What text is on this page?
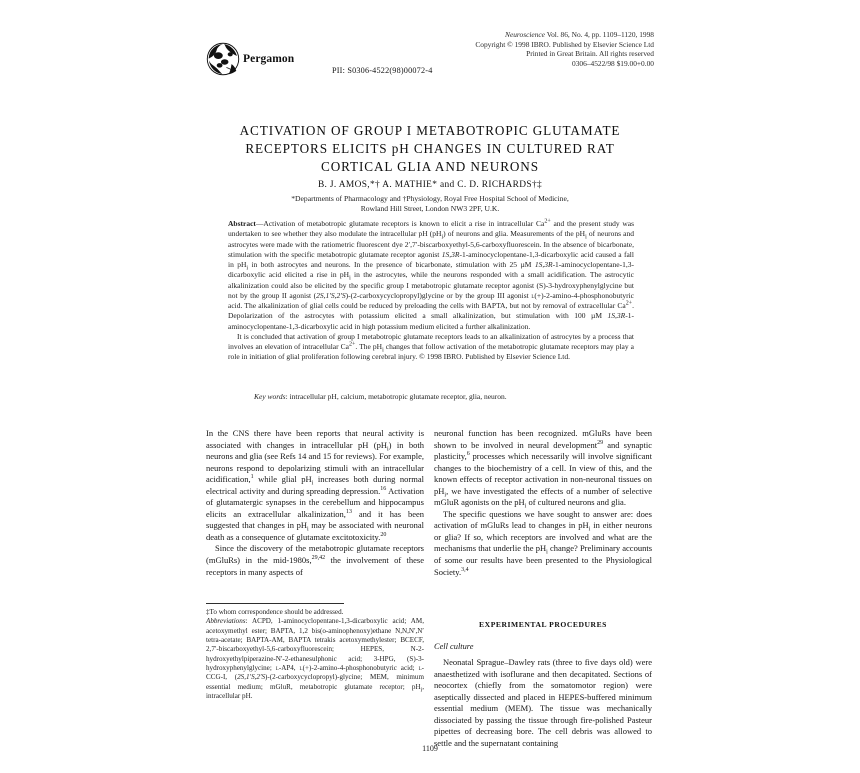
Pergamon
Neuroscience Vol. 86, No. 4, pp. 1109–1120, 1998
Copyright © 1998 IBRO. Published by Elsevier Science Ltd
Printed in Great Britain. All rights reserved
0306–4522/98 $19.00+0.00
PII: S0306-4522(98)00072-4
ACTIVATION OF GROUP I METABOTROPIC GLUTAMATE
RECEPTORS ELICITS pH CHANGES IN CULTURED RAT
CORTICAL GLIA AND NEURONS
B. J. AMOS,*† A. MATHIE* and C. D. RICHARDS†‡
*Departments of Pharmacology and †Physiology, Royal Free Hospital School of Medicine,
Rowland Hill Street, London NW3 2PF, U.K.

Abstract—Activation of metabotropic glutamate receptors is known to elicit a rise in intracellular $Ca^{2+}$ and the present study was undertaken to see whether they also modulate the intracellular pH $(pH_i)$ of neurons and glia. Measurements of the $pH_i$ of neurons and astrocytes were made with the ratiometric fluorescent dye 2′,7′-biscarboxyethyl-5,6-carboxyfluorescein. In the absence of bicarbonate, stimulation with the specific metabotropic glutamate receptor agonist 1S,3R-1-aminocyclopentane-1,3-dicarboxylic acid caused a fall in $pH_i$ in both astrocytes and neurons. In the presence of bicarbonate, stimulation with 25 µM 1S,3R-1-aminocyclopentane-1,3-dicarboxylic acid elicited a rise in $pH_i$ in the astrocytes, while the neurons responded with a small acidification. The astrocytic alkalinization could also be elicited by the specific group I metabotropic glutamate receptor agonist (S)-3-hydroxyphenylglycine but not by the group II agonist (2S,1′S,2′S)-(2-carboxycyclopropyl)glycine or by the group III agonist l(+)-2-amino-4-phosphonobutyric acid. The alkalinization of glial cells could be reduced by preloading the cells with BAPTA, but not by removal of extracellular $Ca^{2+}$. Depolarization of the astrocytes with potassium elicited a small alkalinization, but stimulation with 100 µM 1S,3R-1-aminocyclopentane-1,3-dicarboxylic acid in high potassium medium elicited a further alkalinization.

It is concluded that activation of group I metabotropic glutamate receptors leads to an alkalinization of astrocytes by a process that involves an elevation of intracellular $Ca^{2+}$. The $pH_i$ changes that follow activation of the metabotropic glutamate receptors may play a role in initiation of glial proliferation following cerebral injury. © 1998 IBRO. Published by Elsevier Science Ltd.

Key words: intracellular pH, calcium, metabotropic glutamate receptor, glia, neuron.

In the CNS there have been reports that neural activity is associated with changes in intracellular pH $(pH_i)$ in both neurons and glia (see Refs 14 and 15 for reviews). For example, neurons respond to depolarizing stimuli with an intracellular acidification,$^1$ while glial $pH_i$ increases both during normal electrical activity and during spreading depression.$^{16}$ Activation of glutamatergic synapses in the cerebellum and hippocampus elicits an extracellular alkalinization,$^{13}$ and it has been suggested that changes in $pH_i$ may be associated with neuronal death as a consequence of glutamate excitotoxicity.$^{20}$

Since the discovery of the metabotropic glutamate receptors (mGluRs) in the mid-1980s,$^{29,42}$ the involvement of these receptors in many aspects of

neuronal function has been recognized. mGluRs have been shown to be involved in neural development$^{29}$ and synaptic plasticity,$^6$ processes which necessarily will involve significant changes to the biochemistry of a cell. In view of this, and the known effects of receptor activation in non-neuronal tissues on $pH_i$, we have investigated the effects of a number of selective mGluR agonists on the $pH_i$ of cultured neurons and glia.

The specific questions we have sought to answer are: does activation of mGluRs lead to changes in $pH_i$ in either neurons or glia? If so, which receptors are involved and what are the mechanisms that underlie the $pH_i$ change? Preliminary accounts of some our results have been presented to the Physiological Society.$^{3,4}$

‡To whom correspondence should be addressed.

Abbreviations: ACPD, 1-aminocyclopentane-1,3-dicarboxylic acid; AM, acetoxymethyl ester; BAPTA, 1,2 bis(o-aminophenoxy)ethane N,N,N′,N′ tetra-acetate; BAPTA-AM, BAPTA tetrakis acetoxymethylester; BCECF, 2,7′-biscarboxyethyl-5,6-carboxyfluorescein; HEPES, N-2-hydroxyethylpiperazine-N′-2-ethanesulphonic acid; 3-HPG, (S)-3-hydroxyphenylglycine; l-AP4, l(+)-2-amino-4-phosphonobutyric acid; l-CCG-I, (2S,1′S,2′S)-(2-carboxycyclopropyl)-glycine; MEM, minimum essential medium; mGluR, metabotropic glutamate receptor; $pH_i$, intracellular pH.

EXPERIMENTAL PROCEDURES
Cell culture

Neonatal Sprague–Dawley rats (three to five days old) were anaesthetized with isoflurane and then decapitated. Sections of neocortex (chiefly from the somatomotor region) were aseptically dissected and placed in HEPES-buffered minimum essential medium (MEM). The tissue was mechanically dissociated by passing the tissue through fire-polished Pasteur pipettes of decreasing bore. The cell debris was allowed to settle and the supernatant containing

1109
